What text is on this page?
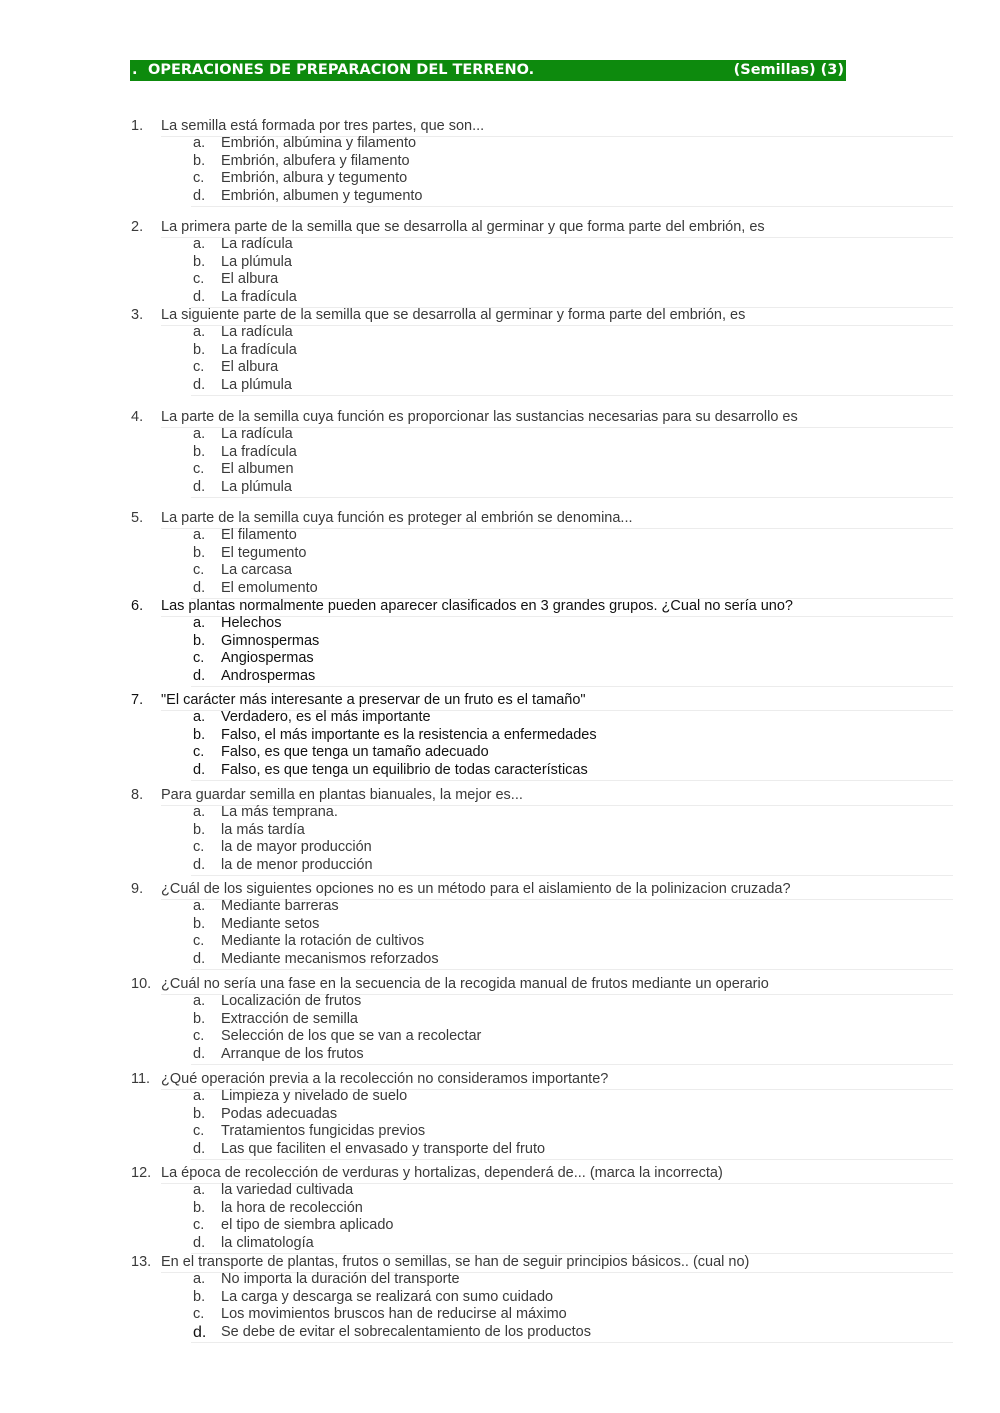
. OPERACIONES DE PREPARACION DEL TERRENO.	(Semillas) (3)
1. La semilla está formada por tres partes, que son...
a. Embrión, albúmina y filamento
b. Embrión, albufera y filamento
c. Embrión, albura y tegumento
d. Embrión, albumen y tegumento
2. La primera parte de la semilla que se desarrolla al germinar y que forma parte del embrión, es
a. La radícula
b. La plúmula
c. El albura
d. La fradícula
3. La siguiente parte de la semilla que se desarrolla al germinar y forma parte del embrión, es
a. La radícula
b. La fradícula
c. El albura
d. La plúmula
4. La parte de la semilla cuya función es proporcionar las sustancias necesarias para su desarrollo es
a. La radícula
b. La fradícula
c. El albumen
d. La plúmula
5. La parte de la semilla cuya función es proteger al embrión se denomina...
a. El filamento
b. El tegumento
c. La carcasa
d. El emolumento
6. Las plantas normalmente pueden aparecer clasificados en 3 grandes grupos. ¿Cual no sería uno?
a. Helechos
b. Gimnospermas
c. Angiospermas
d. Androspermas
7. "El carácter más interesante a preservar de un fruto es el tamaño"
a. Verdadero, es el más importante
b. Falso, el más importante es la resistencia a enfermedades
c. Falso, es que tenga un tamaño adecuado
d. Falso, es que tenga un equilibrio de todas características
8. Para guardar semilla en plantas bianuales, la mejor es...
a. La más temprana.
b. la más tardía
c. la de mayor producción
d. la de menor producción
9. ¿Cuál de los siguientes opciones no es un método para el aislamiento de la polinizacion cruzada?
a. Mediante barreras
b. Mediante setos
c. Mediante la rotación de cultivos
d. Mediante mecanismos reforzados
10. ¿Cuál no sería una fase en la secuencia de la recogida manual de frutos mediante un operario
a. Localización de frutos
b. Extracción de semilla
c. Selección de los que se van a recolectar
d. Arranque de los frutos
11. ¿Qué operación previa a la recolección no consideramos importante?
a. Limpieza y nivelado de suelo
b. Podas adecuadas
c. Tratamientos fungicidas previos
d. Las que faciliten el envasado y transporte del fruto
12. La época de recolección de verduras y hortalizas, dependerá de... (marca la incorrecta)
a. la variedad cultivada
b. la hora de recolección
c. el tipo de siembra aplicado
d. la climatología
13. En el transporte de plantas, frutos o semillas, se han de seguir principios básicos.. (cual no)
a. No importa la duración del transporte
b. La carga y descarga se realizará con sumo cuidado
c. Los movimientos bruscos han de reducirse al máximo
d. Se debe de evitar el sobrecalentamiento de los productos
